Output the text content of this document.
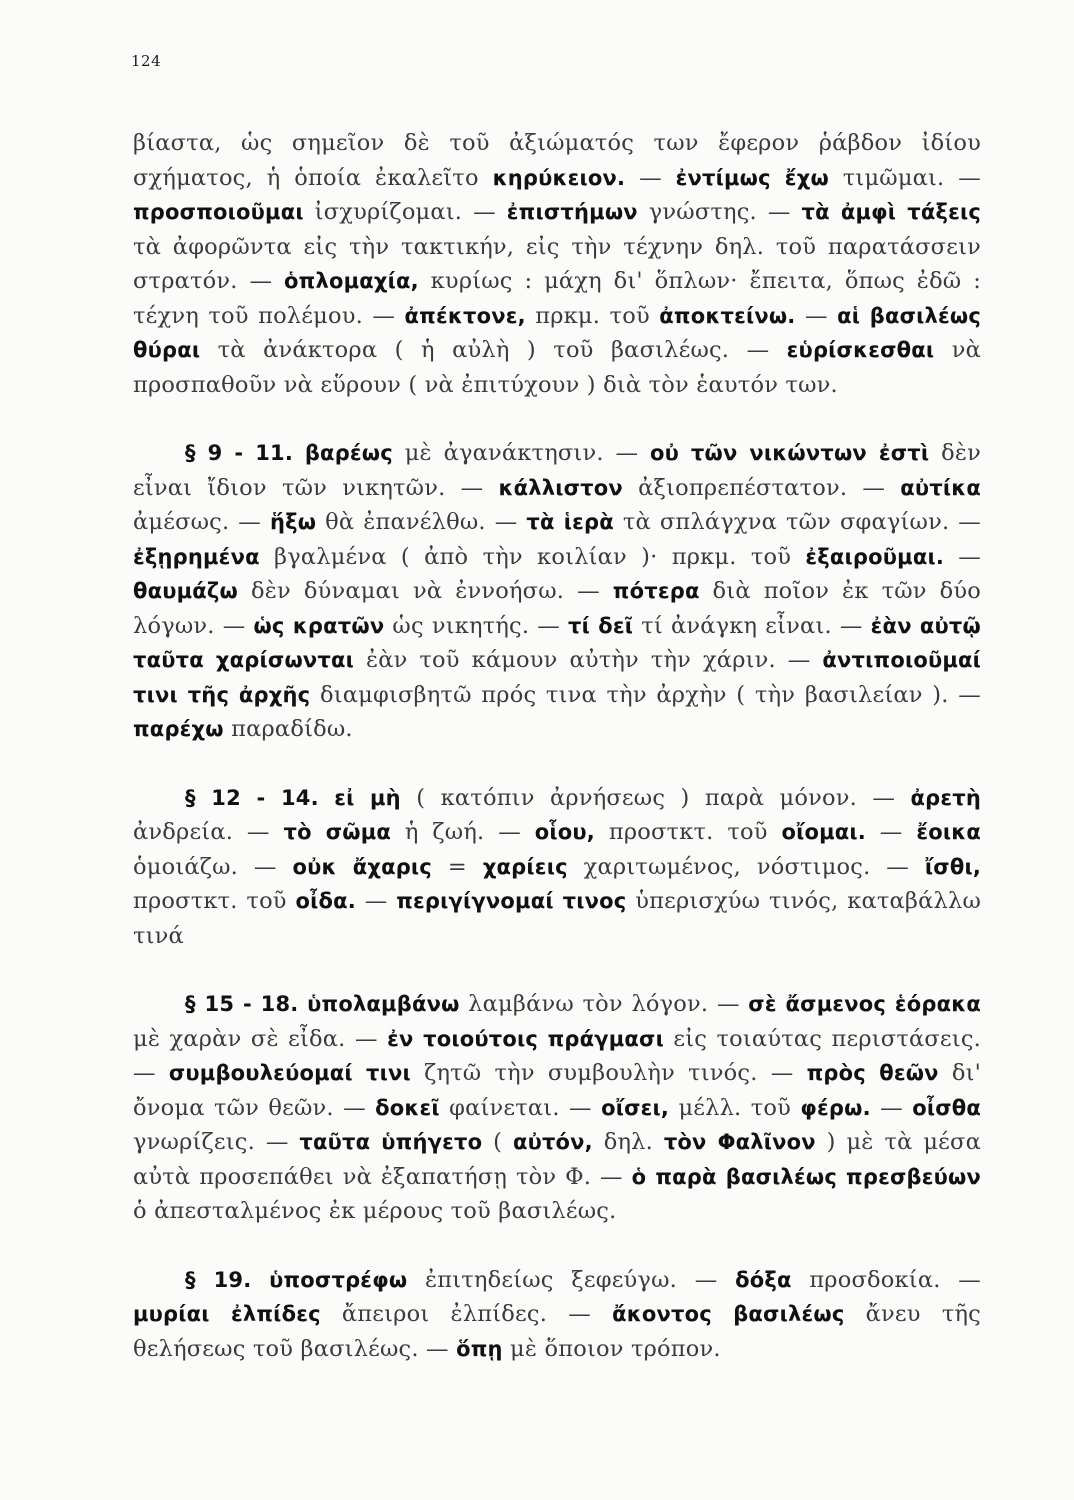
124

βίαστα, ὡς σημεῖον δὲ τοῦ ἀξιώματός των ἔφερον ῥάβδον ἰδίου σχήματος, ἡ ὁποία ἐκαλεῖτο κηρύκειον. — ἐντίμως ἔχω τιμῶμαι. — προσποιοῦμαι ἰσχυρίζομαι. — ἐπιστήμων γνώστης. — τὰ ἀμφὶ τάξεις τὰ ἀφορῶντα εἰς τὴν τακτικήν, εἰς τὴν τέχνην δηλ. τοῦ παρατάσσειν στρατόν. — ὁπλομαχία, κυρίως : μάχη δι' ὅπλων· ἔπειτα, ὅπως ἐδῶ : τέχνη τοῦ πολέμου. — ἀπέκτονε, πρκμ. τοῦ ἀποκτείνω. — αἱ βασιλέως θύραι τὰ ἀνάκτορα ( ἡ αὐλὴ ) τοῦ βασιλέως. — εὑρίσκεσθαι νὰ προσπαθοῦν νὰ εὕρουν ( νὰ ἐπιτύχουν ) διὰ τὸν ἑαυτόν των.

§ 9 - 11. βαρέως μὲ ἀγανάκτησιν. — οὐ τῶν νικώντων ἐστὶ δὲν εἶναι ἴδιον τῶν νικητῶν. — κάλλιστον ἀξιοπρεπέστατον. — αὐτίκα ἀμέσως. — ἥξω θὰ ἐπανέλθω. — τὰ ἱερὰ τὰ σπλάγχνα τῶν σφαγίων. — ἐξῃρημένα βγαλμένα ( ἀπὸ τὴν κοιλίαν )· πρκμ. τοῦ ἐξαιροῦμαι. — θαυμάζω δὲν δύναμαι νὰ ἐννοήσω. — πότερα διὰ ποῖον ἐκ τῶν δύο λόγων. — ὡς κρατῶν ὡς νικητής. — τί δεῖ τί ἀνάγκη εἶναι. — ἐὰν αὐτῷ ταῦτα χαρίσωνται ἐὰν τοῦ κάμουν αὐτὴν τὴν χάριν. — ἀντιποιοῦμαί τινι τῆς ἀρχῆς διαμφισβητῶ πρός τινα τὴν ἀρχὴν ( τὴν βασιλείαν ). — παρέχω παραδίδω.

§ 12 - 14. εἰ μὴ ( κατόπιν ἀρνήσεως ) παρὰ μόνον. — ἀρετὴ ἀνδρεία. — τὸ σῶμα ἡ ζωή. — οἷου, προστκτ. τοῦ οἴομαι. — ἔοικα ὁμοιάζω. — οὐκ ἄχαρις = χαρίεις χαριτωμένος, νόστιμος. — ἴσθι, προστκτ. τοῦ οἶδα. — περιγίγνομαί τινος ὑπερισχύω τινός, καταβάλλω τινά

§ 15 - 18. ὑπολαμβάνω λαμβάνω τὸν λόγον. — σὲ ἄσμενος ἑόρακα μὲ χαρὰν σὲ εἶδα. — ἐν τοιούτοις πράγμασι εἰς τοιαύτας περιστάσεις. — συμβουλεύομαί τινι ζητῶ τὴν συμβουλὴν τινός. — πρὸς θεῶν δι' ὄνομα τῶν θεῶν. — δοκεῖ φαίνεται. — οἴσει, μέλλ. τοῦ φέρω. — οἶσθα γνωρίζεις. — ταῦτα ὑπήγετο ( αὐτόν, δηλ. τὸν Φαλῖνον ) μὲ τὰ μέσα αὐτὰ προσεπάθει νὰ ἐξαπατήσῃ τὸν Φ. — ὁ παρὰ βασιλέως πρεσβεύων ὁ ἀπεσταλμένος ἐκ μέρους τοῦ βασιλέως.

§ 19. ὑποστρέφω ἐπιτηδείως ξεφεύγω. — δόξα προσδοκία. — μυρίαι ἐλπίδες ἄπειροι ἐλπίδες. — ἄκοντος βασιλέως ἄνευ τῆς θελήσεως τοῦ βασιλέως. — ὅπῃ μὲ ὅποιον τρόπον.
